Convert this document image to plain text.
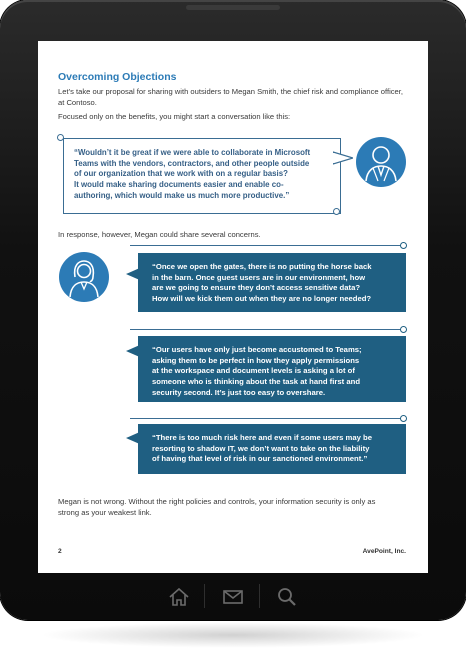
Overcoming Objections
Let’s take our proposal for sharing with outsiders to Megan Smith, the chief risk and compliance officer, at Contoso.
Focused only on the benefits, you might start a conversation like this:
“Wouldn’t it be great if we were able to collaborate in Microsoft
Teams with the vendors, contractors, and other people outside
of our organization that we work with on a regular basis?
It would make sharing documents easier and enable co-
authoring, which would make us much more productive.”
In response, however, Megan could share several concerns.
“Once we open the gates, there is no putting the horse back
in the barn. Once guest users are in our environment, how
are we going to ensure they don’t access sensitive data?
How will we kick them out when they are no longer needed?
“Our users have only just become accustomed to Teams;
asking them to be perfect in how they apply permissions
at the workspace and document levels is asking a lot of
someone who is thinking about the task at hand first and
security second. It’s just too easy to overshare.
“There is too much risk here and even if some users may be
resorting to shadow IT, we don’t want to take on the liability
of having that level of risk in our sanctioned environment.”
Megan is not wrong. Without the right policies and controls, your information security is only as
strong as your weakest link.
2	AvePoint, Inc.
